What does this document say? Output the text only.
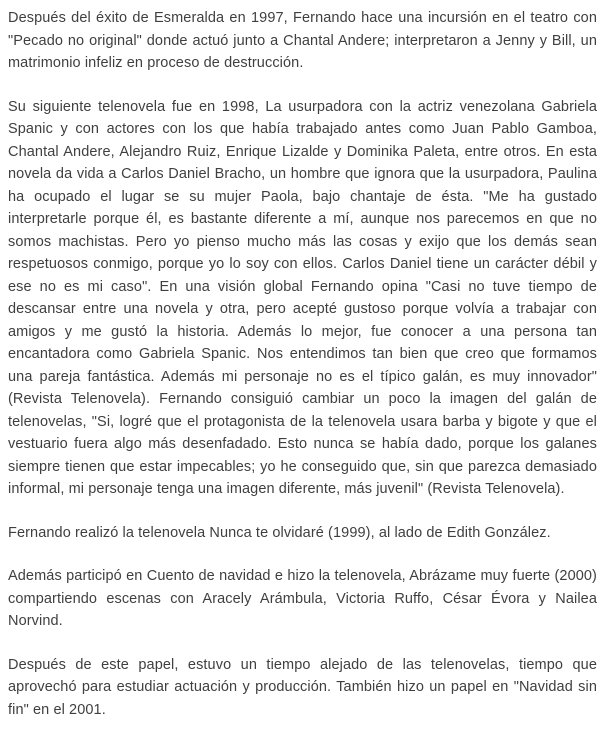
Después del éxito de Esmeralda en 1997, Fernando hace una incursión en el teatro con "Pecado no original" donde actuó junto a Chantal Andere; interpretaron a Jenny y Bill, un matrimonio infeliz en proceso de destrucción.

Su siguiente telenovela fue en 1998, La usurpadora con la actriz venezolana Gabriela Spanic y con actores con los que había trabajado antes como Juan Pablo Gamboa, Chantal Andere, Alejandro Ruiz, Enrique Lizalde y Dominika Paleta, entre otros. En esta novela da vida a Carlos Daniel Bracho, un hombre que ignora que la usurpadora, Paulina ha ocupado el lugar se su mujer Paola, bajo chantaje de ésta. "Me ha gustado interpretarle porque él, es bastante diferente a mí, aunque nos parecemos en que no somos machistas. Pero yo pienso mucho más las cosas y exijo que los demás sean respetuosos conmigo, porque yo lo soy con ellos. Carlos Daniel tiene un carácter débil y ese no es mi caso". En una visión global Fernando opina "Casi no tuve tiempo de descansar entre una novela y otra, pero acepté gustoso porque volvía a trabajar con amigos y me gustó la historia. Además lo mejor, fue conocer a una persona tan encantadora como Gabriela Spanic. Nos entendimos tan bien que creo que formamos una pareja fantástica. Además mi personaje no es el típico galán, es muy innovador" (Revista Telenovela). Fernando consiguió cambiar un poco la imagen del galán de telenovelas, "Si, logré que el protagonista de la telenovela usara barba y bigote y que el vestuario fuera algo más desenfadado. Esto nunca se había dado, porque los galanes siempre tienen que estar impecables; yo he conseguido que, sin que parezca demasiado informal, mi personaje tenga una imagen diferente, más juvenil" (Revista Telenovela).

Fernando realizó la telenovela Nunca te olvidaré (1999), al lado de Edith González.

Además participó en Cuento de navidad e hizo la telenovela, Abrázame muy fuerte (2000) compartiendo escenas con Aracely Arámbula, Victoria Ruffo, César Évora y Nailea Norvind.

Después de este papel, estuvo un tiempo alejado de las telenovelas, tiempo que aprovechó para estudiar actuación y producción. También hizo un papel en "Navidad sin fin" en el 2001.
